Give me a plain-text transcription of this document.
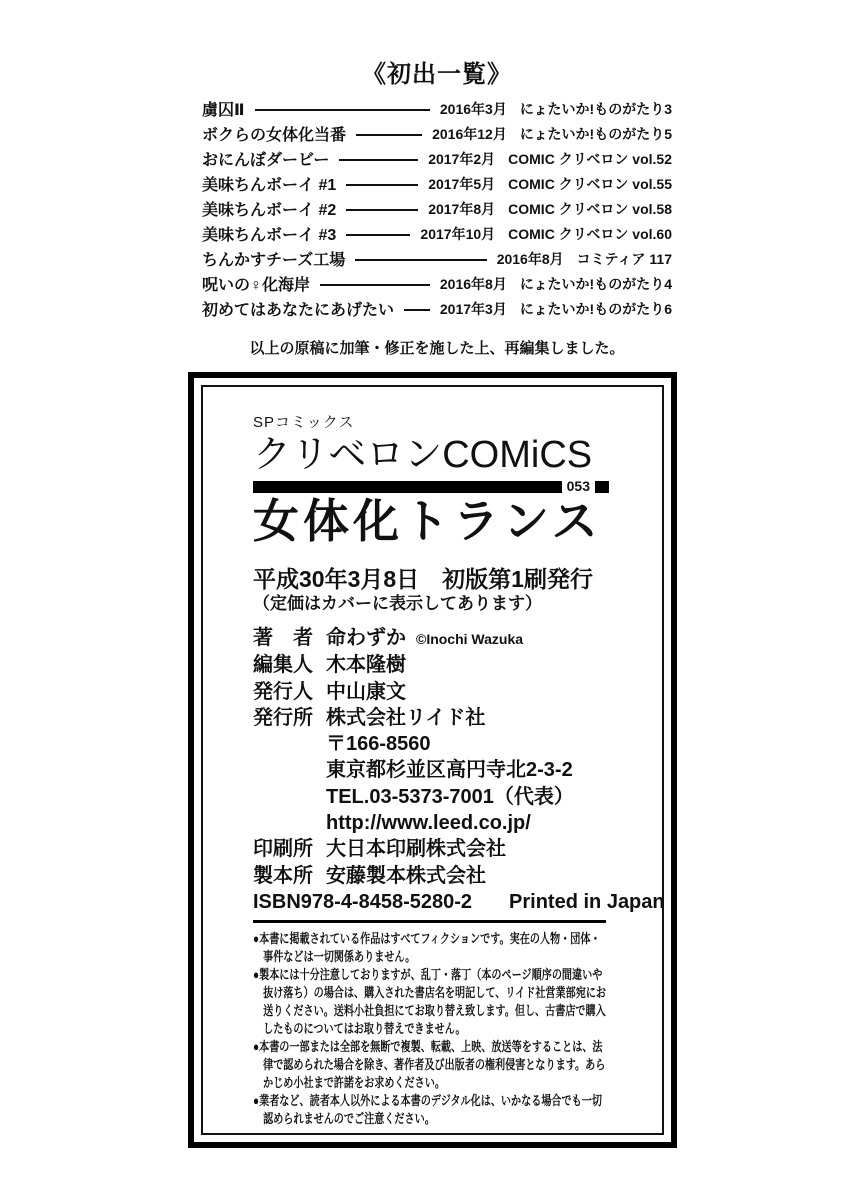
《初出一覧》
虜囚Ⅱ	2016年3月 にょたいか!ものがたり3
ボクらの女体化当番	2016年12月 にょたいか!ものがたり5
おにんぼダービー	2017年2月 COMIC クリベロン vol.52
美味ちんボーイ #1	2017年5月 COMIC クリベロン vol.55
美味ちんボーイ #2	2017年8月 COMIC クリベロン vol.58
美味ちんボーイ #3	2017年10月 COMIC クリベロン vol.60
ちんかすチーズ工場	2016年8月 コミティア 117
呪いの♀化海岸	2016年8月 にょたいか!ものがたり4
初めてはあなたにあげたい	2017年3月 にょたいか!ものがたり6
以上の原稿に加筆・修正を施した上、再編集しました。
SPコミックス
クリベロンCOMiCS
053
女体化トランス
平成30年3月8日　初版第1刷発行
（定価はカバーに表示してあります）
著　者 命わずか ©Inochi Wazuka
編集人 木本隆樹
発行人 中山康文
発行所 株式会社リイド社
〒166-8560
東京都杉並区高円寺北2-3-2
TEL.03-5373-7001（代表）
http://www.leed.co.jp/
印刷所 大日本印刷株式会社
製本所 安藤製本株式会社
ISBN978-4-8458-5280-2 Printed in Japan
●本書に掲載されている作品はすべてフィクションです。実在の人物・団体・事件などは一切関係ありません。
●製本には十分注意しておりますが、乱丁・落丁（本のページ順序の間違いや抜け落ち）の場合は、購入された書店名を明記して、リイド社営業部宛にお送りください。送料小社負担にてお取り替え致します。但し、古書店で購入したものについてはお取り替えできません。
●本書の一部または全部を無断で複製、転載、上映、放送等をすることは、法律で認められた場合を除き、著作者及び出版者の権利侵害となります。あらかじめ小社まで許諾をお求めください。
●業者など、読者本人以外による本書のデジタル化は、いかなる場合でも一切認められませんのでご注意ください。
